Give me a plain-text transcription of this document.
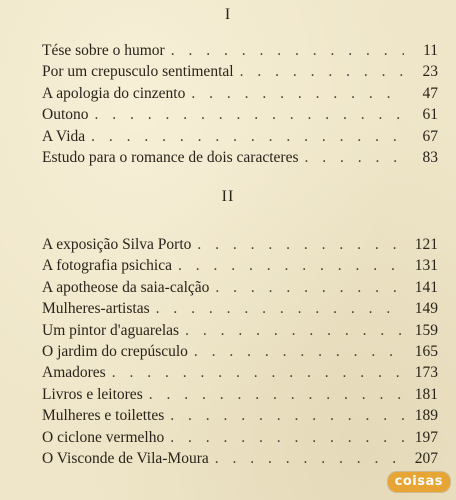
I
Tése sobre o humor . . .	11
Por um crepusculo sentimental . . .	23
A apologia do cinzento . . .	47
Outono . . .	61
A Vida . . .	67
Estudo para o romance de dois caracteres . . .	83
II
A exposição Silva Porto . . .	121
A fotografia psichica . . .	131
A apotheose da saia-calção . . .	141
Mulheres-artistas . . .	149
Um pintor d'aguarelas . . .	159
O jardim do crepúsculo . . .	165
Amadores . . .	173
Livros e leitores . . .	181
Mulheres e toilettes . . .	189
O ciclone vermelho . . .	197
O Visconde de Vila-Moura . . .	207
coisas
